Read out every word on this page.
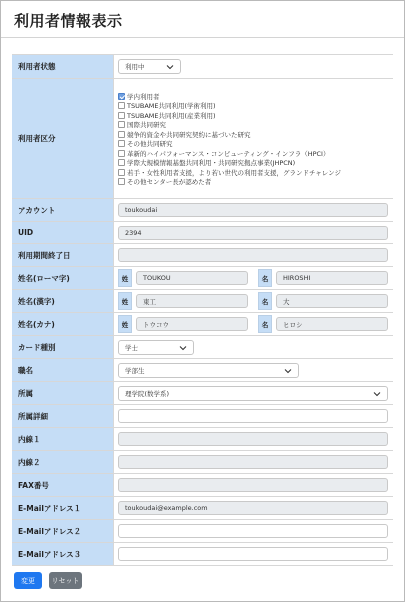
利用者情報表示
利用者状態	利用中
利用者区分
学内利用者
TSUBAME共同利用(学術利用)
TSUBAME共同利用(産業利用)
国際共同研究
競争的資金や共同研究契約に基づいた研究
その他共同研究
革新的ハイパフォーマンス・コンピューティング・インフラ（HPCI）
学際大規模情報基盤共同利用・共同研究拠点事業(JHPCN)
若手・女性利用者支援，より若い世代の利用者支援，グランドチャレンジ
その他センター長が認めた者
アカウント	toukoudai
UID	2394
利用期間終了日
姓名(ローマ字)	姓	TOUKOU	名	HIROSHI
姓名(漢字)	姓	東工	名	大
姓名(カナ)	姓	トウコウ	名	ヒロシ
カード種別	学士
職名	学部生
所属	理学院(数学系)
所属詳細
内線１
内線２
FAX番号
E-Mailアドレス１	toukoudai@example.com
E-Mailアドレス２
E-Mailアドレス３
変更	リセット
